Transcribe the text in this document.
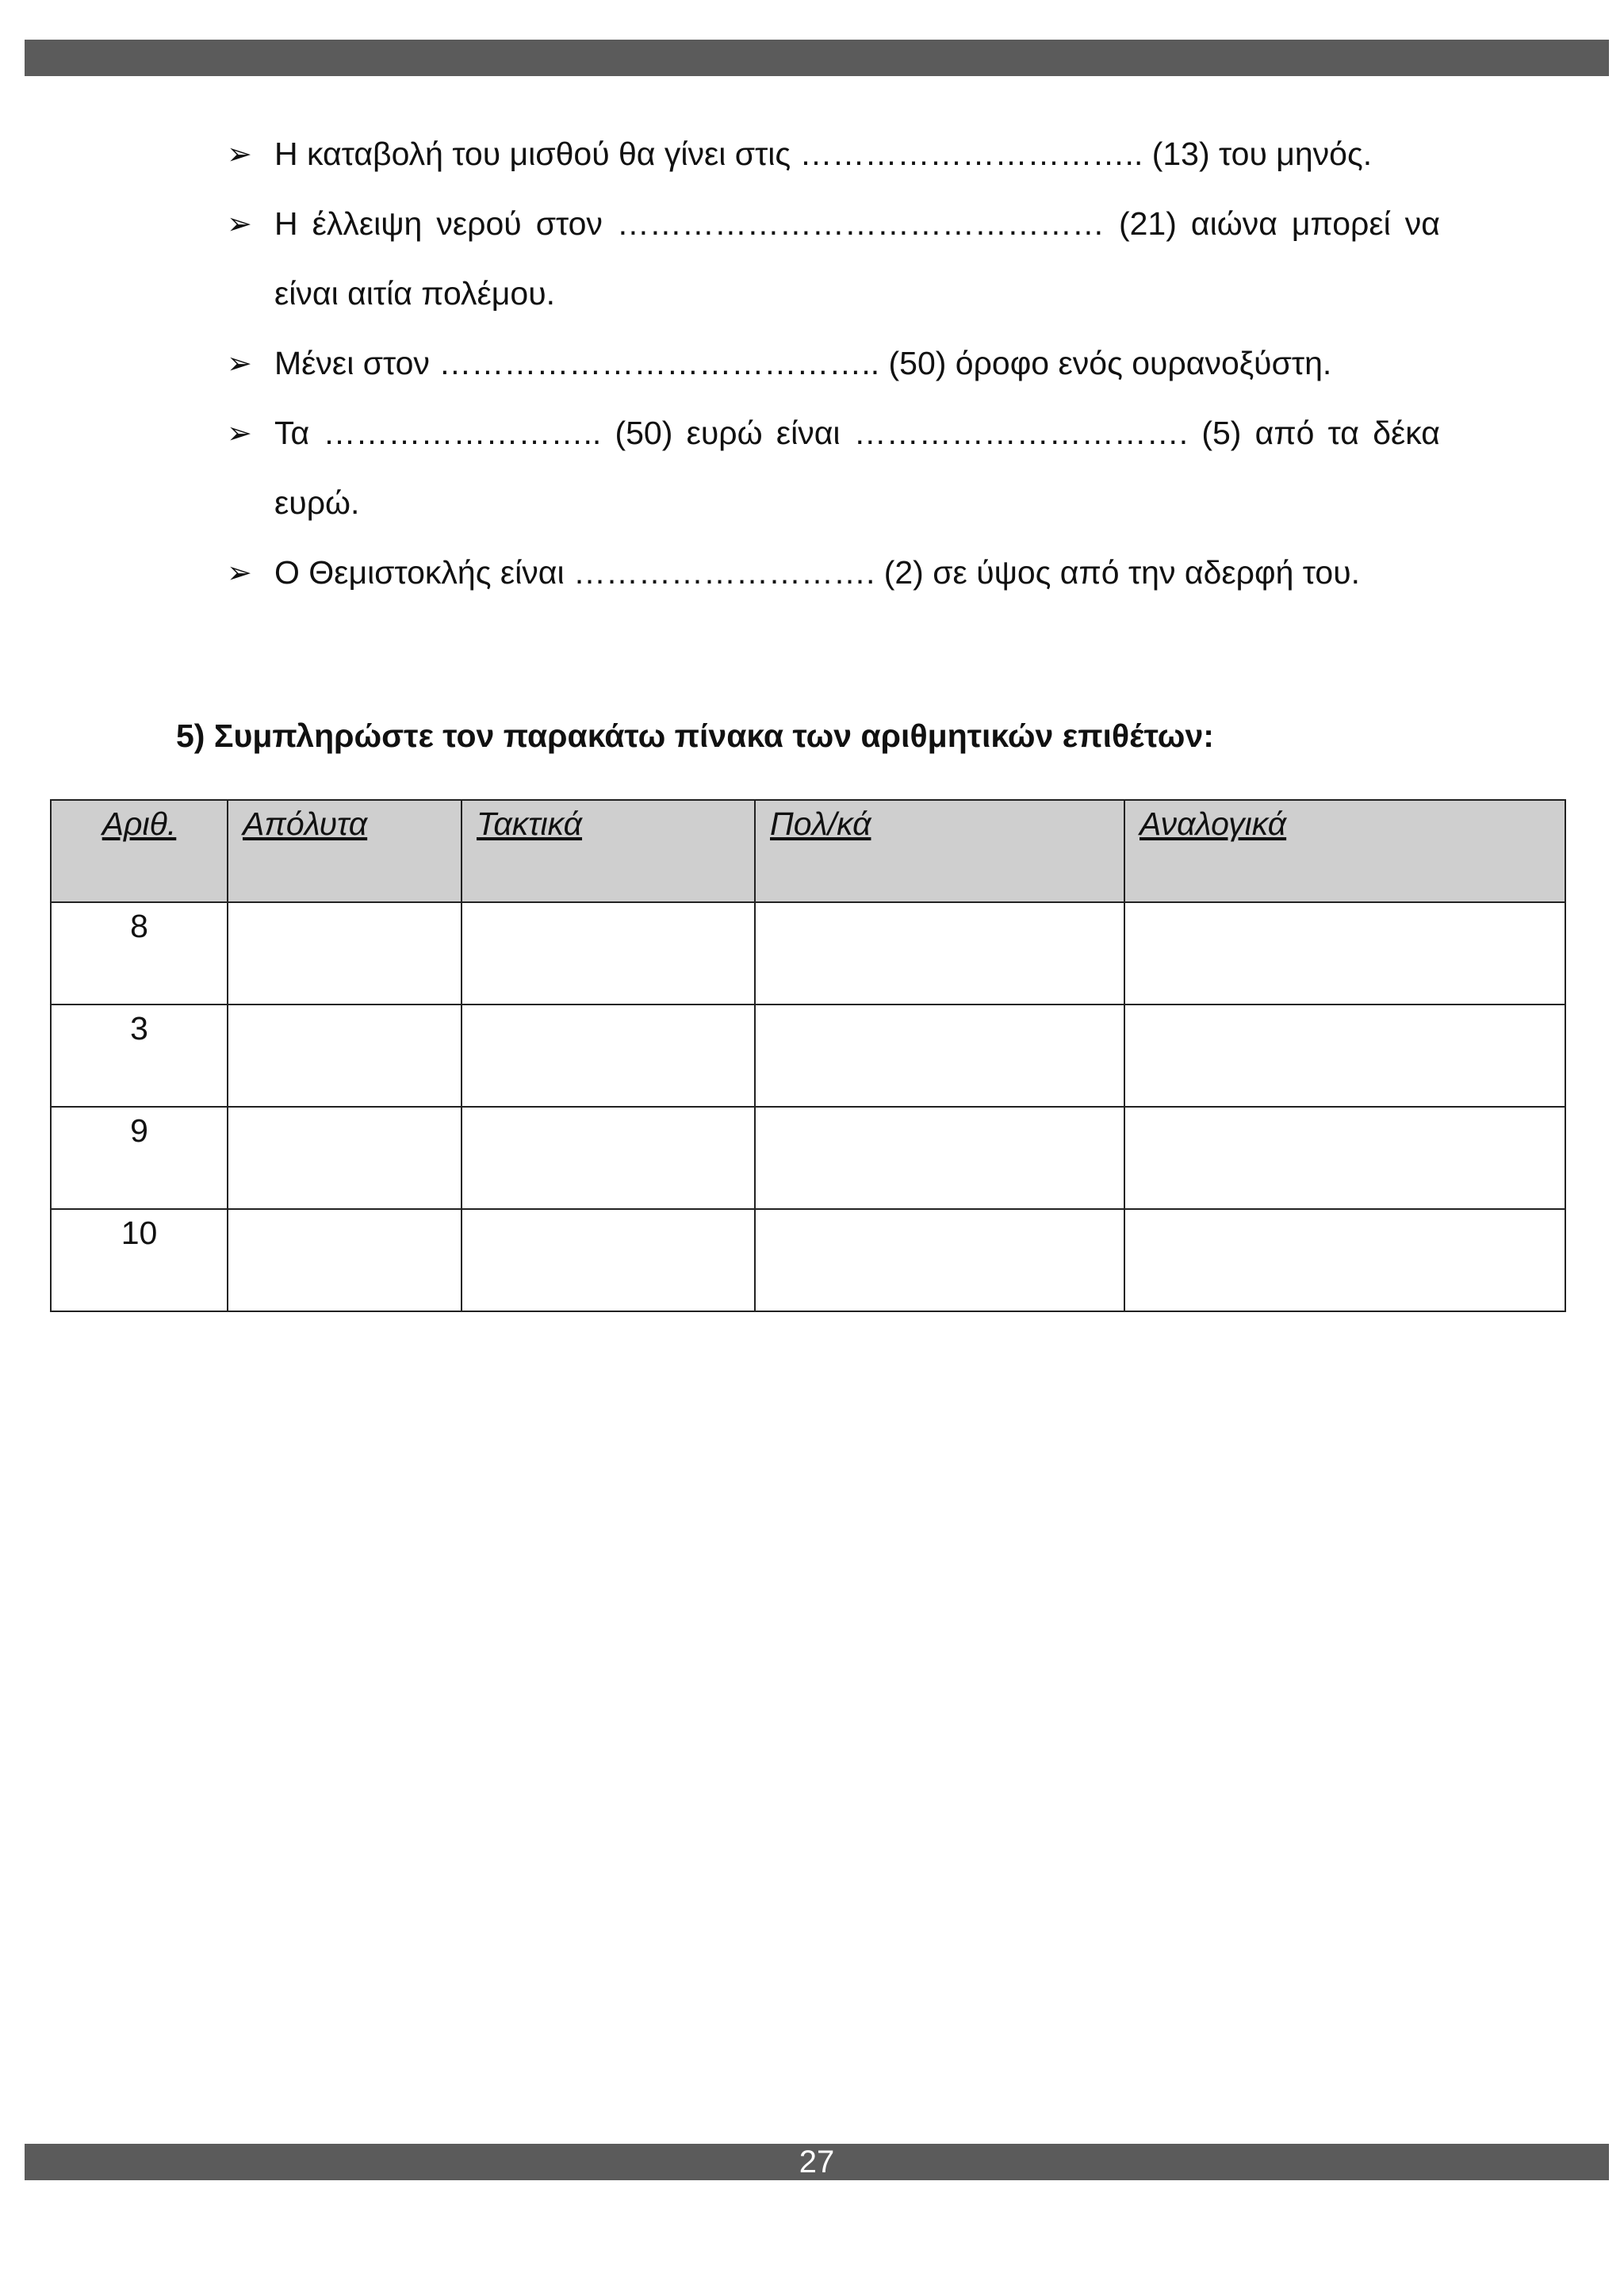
➢ Η καταβολή του μισθού θα γίνει στις ………………………….. (13) του μηνός.
➢ Η έλλειψη νερού στον ……………………………………… (21) αιώνα μπορεί να είναι αιτία πολέμου.
➢ Μένει στον ………………………………….. (50) όροφο ενός ουρανοξύστη.
➢ Τα …………………….. (50) ευρώ είναι …………………………. (5) από τα δέκα ευρώ.
➢ Ο Θεμιστοκλής είναι ………………………. (2) σε ύψος από την αδερφή του.
5) Συμπληρώστε τον παρακάτω πίνακα των αριθμητικών επιθέτων:
Αριθ.	Απόλυτα	Τακτικά	Πολ/κά	Αναλογικά
8				
3				
9				
10				
27
